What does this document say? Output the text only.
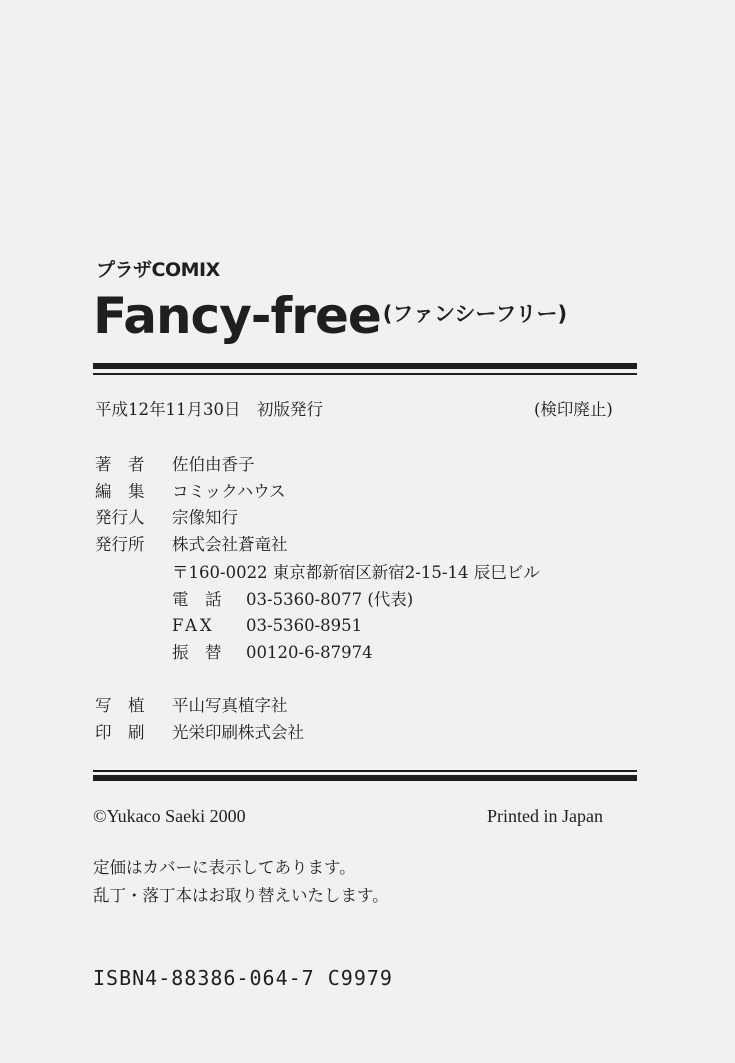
プラザCOMIX
Fancy-free(ファンシーフリー)
平成12年11月30日　初版発行	(検印廃止)
著　者 佐伯由香子
編　集 コミックハウス
発行人 宗像知行
発行所 株式会社蒼竜社
〒160-0022 東京都新宿区新宿2-15-14 辰巳ビル
電　話 03-5360-8077 (代表)
FAX 03-5360-8951
振　替 00120-6-87974
写　植 平山写真植字社
印　刷 光栄印刷株式会社
©Yukaco Saeki 2000	Printed in Japan
定価はカバーに表示してあります。
乱丁・落丁本はお取り替えいたします。
ISBN4-88386-064-7 C9979
